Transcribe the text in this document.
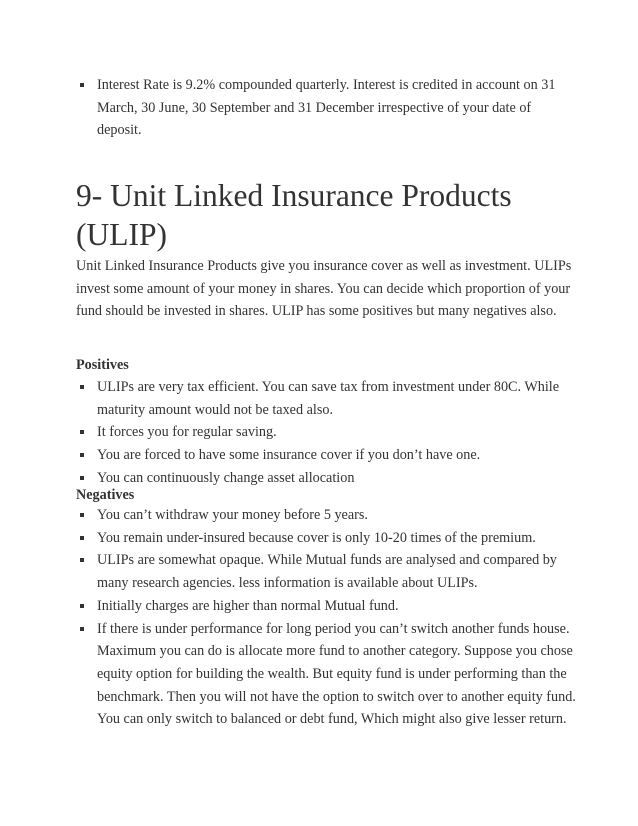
Interest Rate is 9.2% compounded quarterly. Interest is credited in account on 31 March, 30 June, 30 September and 31 December irrespective of your date of deposit.
9- Unit Linked Insurance Products (ULIP)

Unit Linked Insurance Products give you insurance cover as well as investment. ULIPs invest some amount of your money in shares. You can decide which proportion of your fund should be invested in shares. ULIP has some positives but many negatives also.

Positives

ULIPs are very tax efficient. You can save tax from investment under 80C. While maturity amount would not be taxed also.
It forces you for regular saving.
You are forced to have some insurance cover if you don’t have one.
You can continuously change asset allocation

Negatives

You can’t withdraw your money before 5 years.
You remain under-insured because cover is only 10-20 times of the premium.
ULIPs are somewhat opaque. While Mutual funds are analysed and compared by many research agencies. less information is available about ULIPs.
Initially charges are higher than normal Mutual fund.
If there is under performance for long period you can’t switch another funds house. Maximum you can do is allocate more fund to another category. Suppose you chose equity option for building the wealth. But equity fund is under performing than the benchmark. Then you will not have the option to switch over to another equity fund. You can only switch to balanced or debt fund, Which might also give lesser return.
